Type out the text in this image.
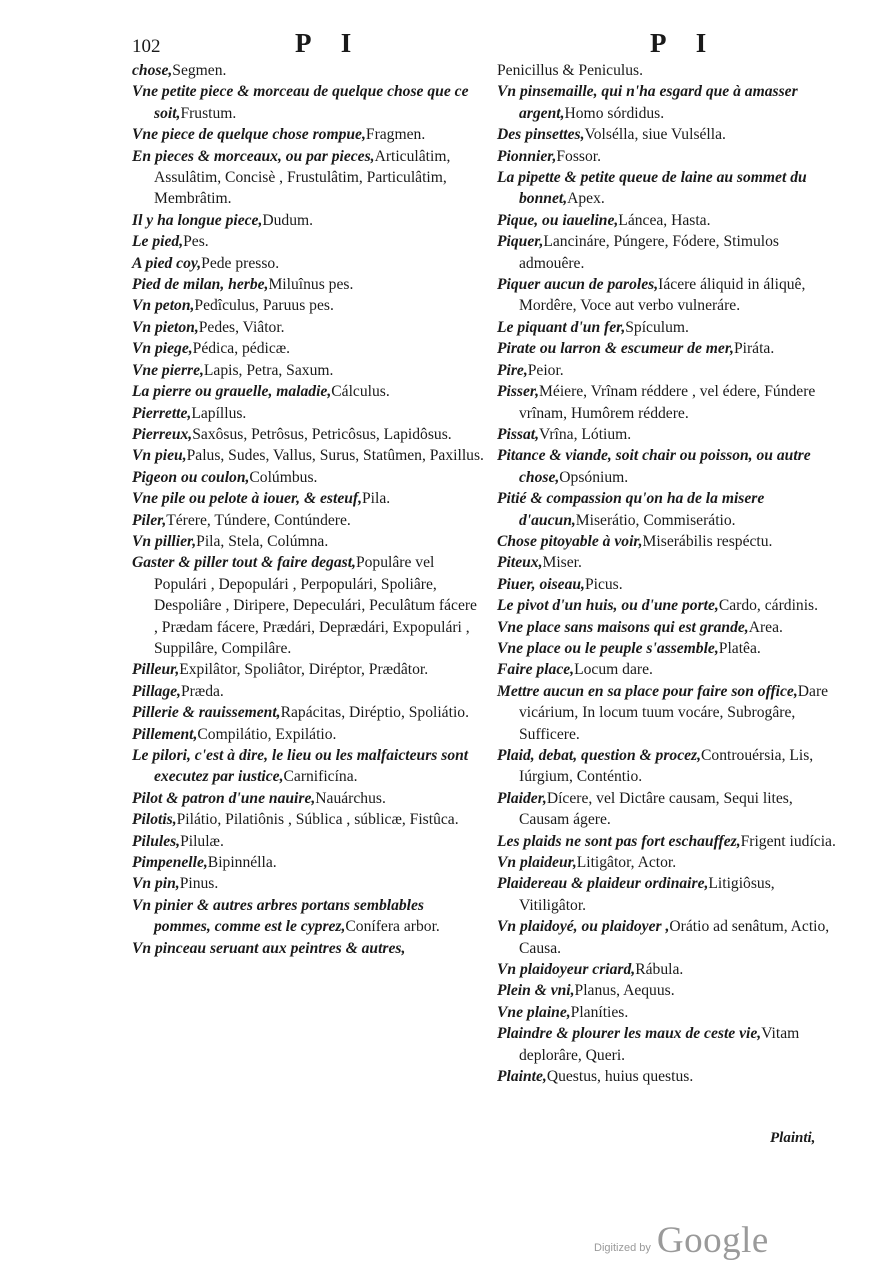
102	P I	P I
chose,Segmen.
Vne petite piece & morceau de quelque chose que ce soit,Frustum.
Vne piece de quelque chose rompue,Fragmen.
En pieces & morceaux, ou par pieces,Articulâtim, Assulâtim, Concisè , Frustulâtim, Particulâtim, Membrâtim.
Il y ha longue piece,Dudum.
Le pied,Pes.
A pied coy,Pede presso.
Pied de milan, herbe,Miluînus pes.
Vn peton,Pedîculus, Paruus pes.
Vn pieton,Pedes, Viâtor.
Vn piege,Pédica, pédicæ.
Vne pierre,Lapis, Petra, Saxum.
La pierre ou grauelle, maladie,Cálculus.
Pierrette,Lapíllus.
Pierreux,Saxôsus, Petrôsus, Petricôsus, Lapidôsus.
Vn pieu,Palus, Sudes, Vallus, Surus, Statûmen, Paxillus.
Pigeon ou coulon,Colúmbus.
Vne pile ou pelote à iouer, & esteuf,Pila.
Piler,Térere, Túndere, Contúndere.
Vn pillier,Pila, Stela, Colúmna.
Gaster & piller tout & faire degast,Populâre vel Populári , Depopulári , Perpopulári, Spoliâre, Despoliâre , Diripere, Depeculári, Peculâtum fácere , Prædam fácere, Prædári, Deprædári, Expopulári , Suppilâre, Compilâre.
Pilleur,Expilâtor, Spoliâtor, Diréptor, Prædâtor.
Pillage,Præda.
Pillerie & rauissement,Rapácitas, Diréptio, Spoliátio.
Pillement,Compilátio, Expilátio.
Le pilori, c'est à dire, le lieu ou les malfaicteurs sont executez par iustice,Carnificína.
Pilot & patron d'une nauire,Nauárchus.
Pilotis,Pilátio, Pilatiônis , Sública , súblicæ, Fistûca.
Pilules,Pilulæ.
Pimpenelle,Bipinnélla.
Vn pin,Pinus.
Vn pinier & autres arbres portans semblables pommes, comme est le cyprez,Conífera arbor.
Vn pinceau seruant aux peintres & autres,
Penicillus & Peniculus.
Vn pinsemaille, qui n'ha esgard que à amasser argent,Homo sórdidus.
Des pinsettes,Volsélla, siue Vulsélla.
Pionnier,Fossor.
La pipette & petite queue de laine au sommet du bonnet,Apex.
Pique, ou iaueline,Láncea, Hasta.
Piquer,Lancináre, Púngere, Fódere, Stimulos admouêre.
Piquer aucun de paroles,Iácere áliquid in áliquê, Mordêre, Voce aut verbo vulneráre.
Le piquant d'un fer,Spículum.
Pirate ou larron & escumeur de mer,Piráta.
Pire,Peior.
Pisser,Méiere, Vrînam réddere , vel édere, Fúndere vrînam, Humôrem réddere.
Pissat,Vrîna, Lótium.
Pitance & viande, soit chair ou poisson, ou autre chose,Opsónium.
Pitié & compassion qu'on ha de la misere d'aucun,Miserátio, Commiserátio.
Chose pitoyable à voir,Miserábilis respéctu.
Piteux,Miser.
Piuer, oiseau,Picus.
Le pivot d'un huis, ou d'une porte,Cardo, cárdinis.
Vne place sans maisons qui est grande,Area.
Vne place ou le peuple s'assemble,Platêa.
Faire place,Locum dare.
Mettre aucun en sa place pour faire son office,Dare vicárium, In locum tuum vocáre, Subrogâre, Sufficere.
Plaid, debat, question & procez,Controuérsia, Lis, Iúrgium, Conténtio.
Plaider,Dícere, vel Dictâre causam, Sequi lites, Causam ágere.
Les plaids ne sont pas fort eschauffez,Frigent iudícia.
Vn plaideur,Litigâtor, Actor.
Plaidereau & plaideur ordinaire,Litigiôsus, Vitiligâtor.
Vn plaidoyé, ou plaidoyer ,Orátio ad senâtum, Actio, Causa.
Vn plaidoyeur criard,Rábula.
Plein & vni,Planus, Aequus.
Vne plaine,Planíties.
Plaindre & plourer les maux de ceste vie,Vitam deplorâre, Queri.
Plainte,Questus, huius questus.
Plainti,
Digitized by Google
